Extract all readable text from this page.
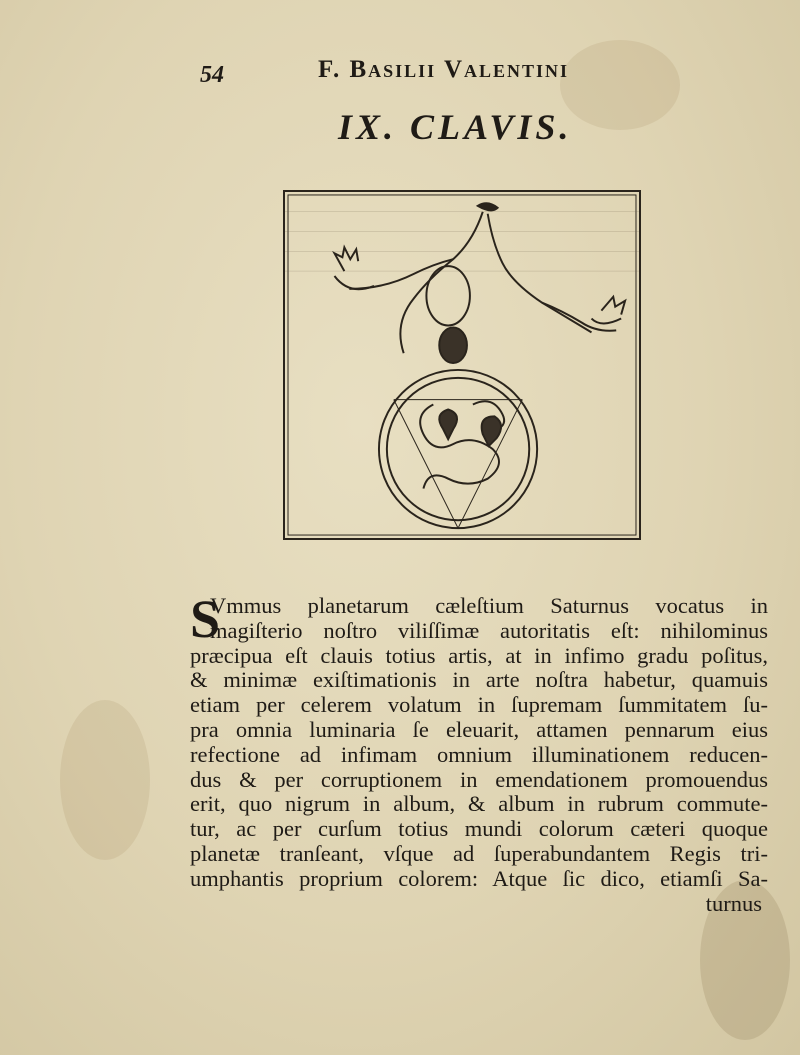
54	F. Basilii Valentini
IX. CLAVIS.
S
Vmmus planetarum cæleſtium Saturnus vocatus in
magiſterio noſtro viliſſimæ autoritatis eſt: nihilominus
præcipua eſt clauis totius artis, at in infimo gradu poſitus,
& minimæ exiſtimationis in arte noſtra habetur, quamuis
etiam per celerem volatum in ſupremam ſummitatem ſu-
pra omnia luminaria ſe eleuarit, attamen pennarum eius
refectione ad infimam omnium illuminationem reducen-
dus & per corruptionem in emendationem promouendus
erit, quo nigrum in album, & album in rubrum commute-
tur, ac per curſum totius mundi colorum cæteri quoque
planetæ tranſeant, vſque ad ſuperabundantem Regis tri-
umphantis proprium colorem: Atque ſic dico, etiamſi Sa-
turnus
